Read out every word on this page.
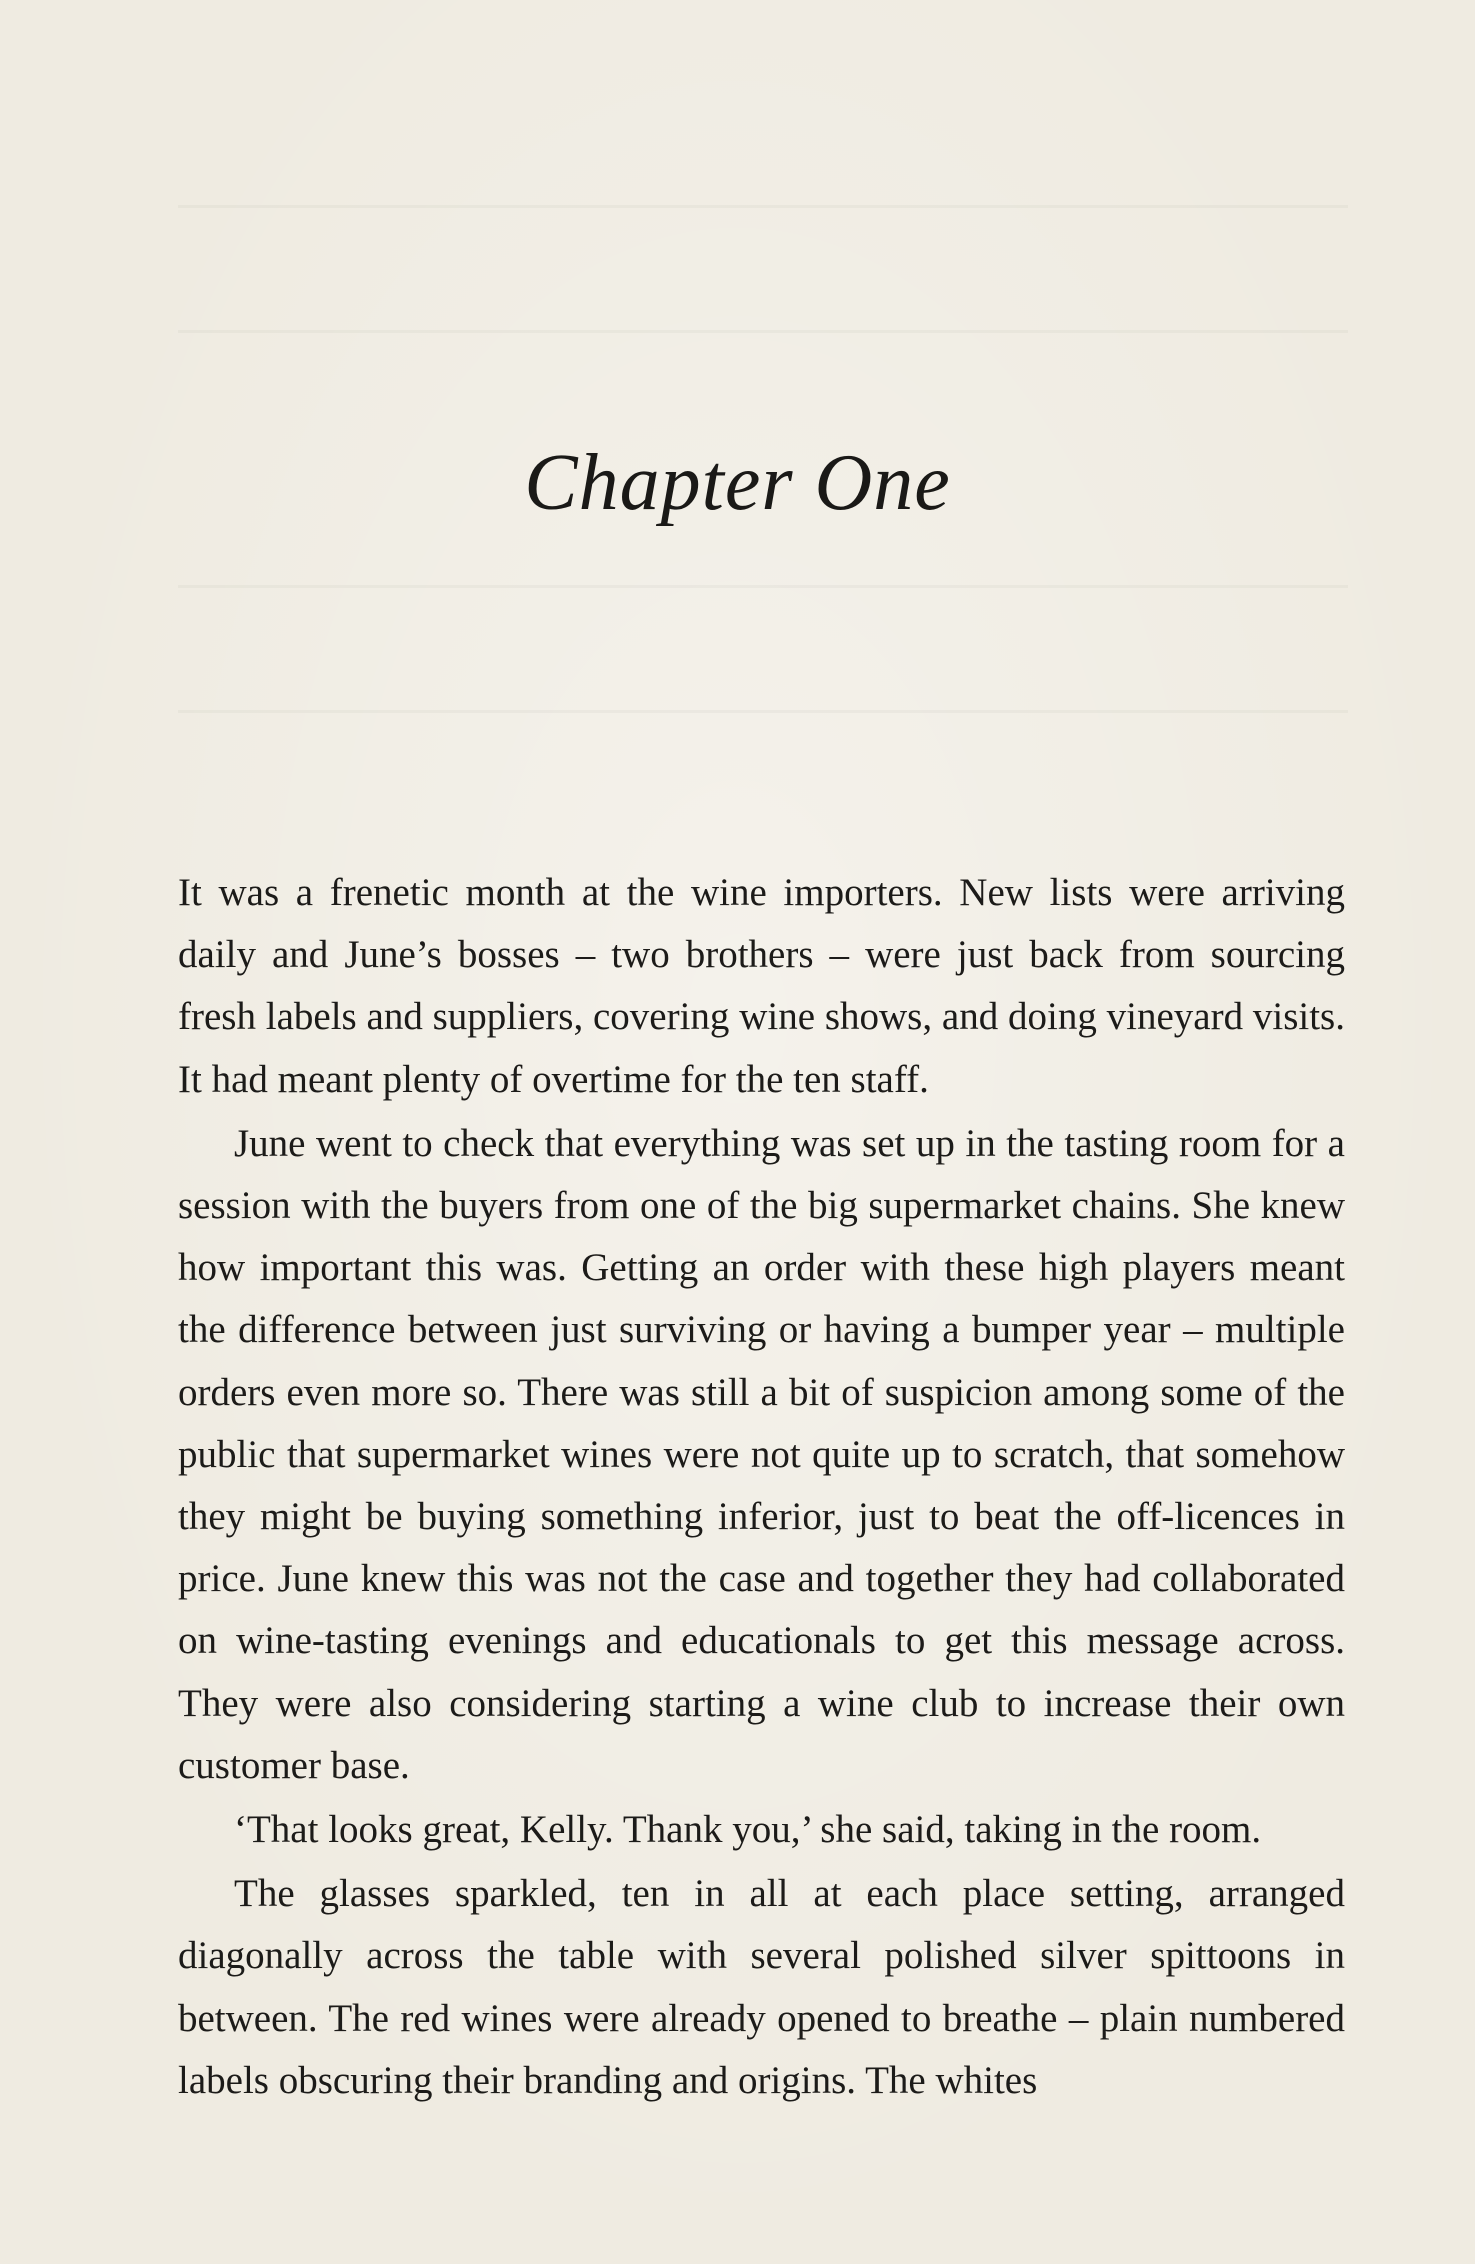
Chapter One

It was a frenetic month at the wine importers. New lists were arriving daily and June’s bosses – two brothers – were just back from sourcing fresh labels and suppliers, covering wine shows, and doing vineyard visits. It had meant plenty of overtime for the ten staff.

June went to check that everything was set up in the tasting room for a session with the buyers from one of the big supermarket chains. She knew how important this was. Getting an order with these high players meant the difference between just surviving or having a bumper year – multiple orders even more so. There was still a bit of suspicion among some of the public that supermarket wines were not quite up to scratch, that somehow they might be buying something inferior, just to beat the off-licences in price. June knew this was not the case and together they had collaborated on wine-tasting evenings and educationals to get this message across. They were also considering starting a wine club to increase their own customer base.

‘That looks great, Kelly. Thank you,’ she said, taking in the room.

The glasses sparkled, ten in all at each place setting, arranged diagonally across the table with several polished silver spittoons in between. The red wines were already opened to breathe – plain numbered labels obscuring their branding and origins. The whites
